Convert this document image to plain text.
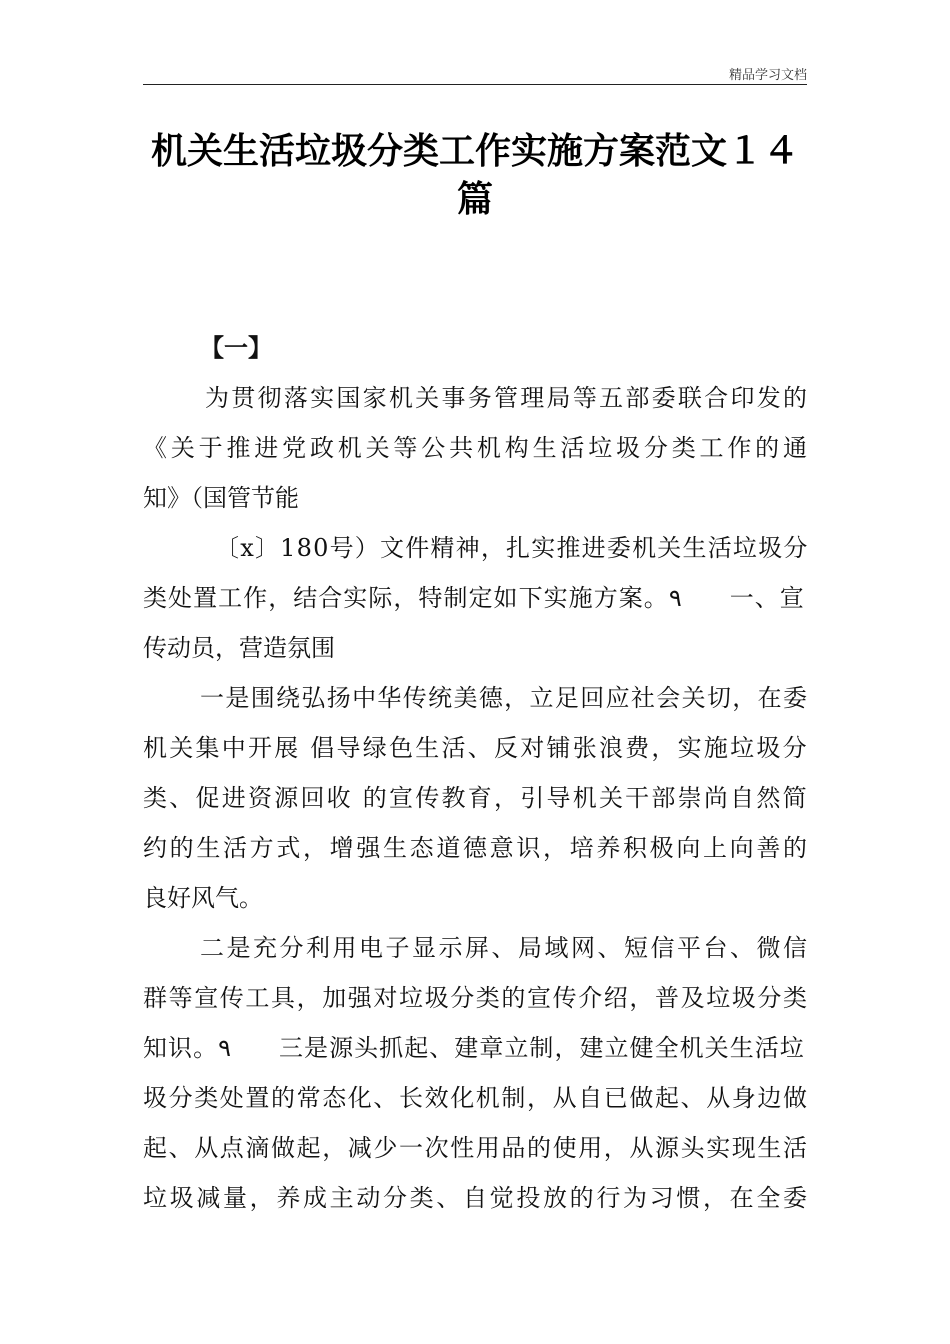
精品学习文档
机关生活垃圾分类工作实施方案范文１４
篇
【一】
为贯彻落实国家机关事务管理局等五部委联合印发的
《关于推进党政机关等公共机构生活垃圾分类工作的通
知》（国管节能
〔x〕180号）文件精神，扎实推进委机关生活垃圾分
类处置工作，结合实际，特制定如下实施方案。٩　　一、宣
传动员，营造氛围
一是围绕弘扬中华传统美德，立足回应社会关切，在委
机关集中开展 倡导绿色生活、反对铺张浪费，实施垃圾分
类、促进资源回收 的宣传教育，引导机关干部崇尚自然简
约的生活方式，增强生态道德意识，培养积极向上向善的
良好风气。
二是充分利用电子显示屏、局域网、短信平台、微信
群等宣传工具，加强对垃圾分类的宣传介绍，普及垃圾分类
知识。٩　　三是源头抓起、建章立制，建立健全机关生活垃
圾分类处置的常态化、长效化机制，从自已做起、从身边做
起、从点滴做起，减少一次性用品的使用，从源头实现生活
垃圾减量，养成主动分类、自觉投放的行为习惯，在全委
